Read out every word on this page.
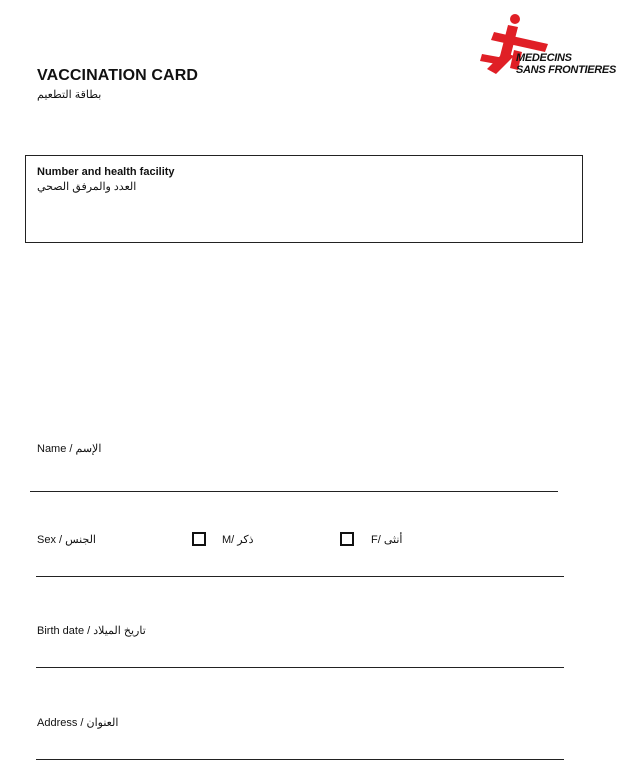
VACCINATION CARD
بطاقة التطعيم
MEDECINS
SANS FRONTIERES
Number and health facility
العدد والمرفق الصحي
Name / الإسم
Sex / الجنس	M/ ذكر	F/ أنثى
Birth date / تاريخ الميلاد
Address / العنوان
